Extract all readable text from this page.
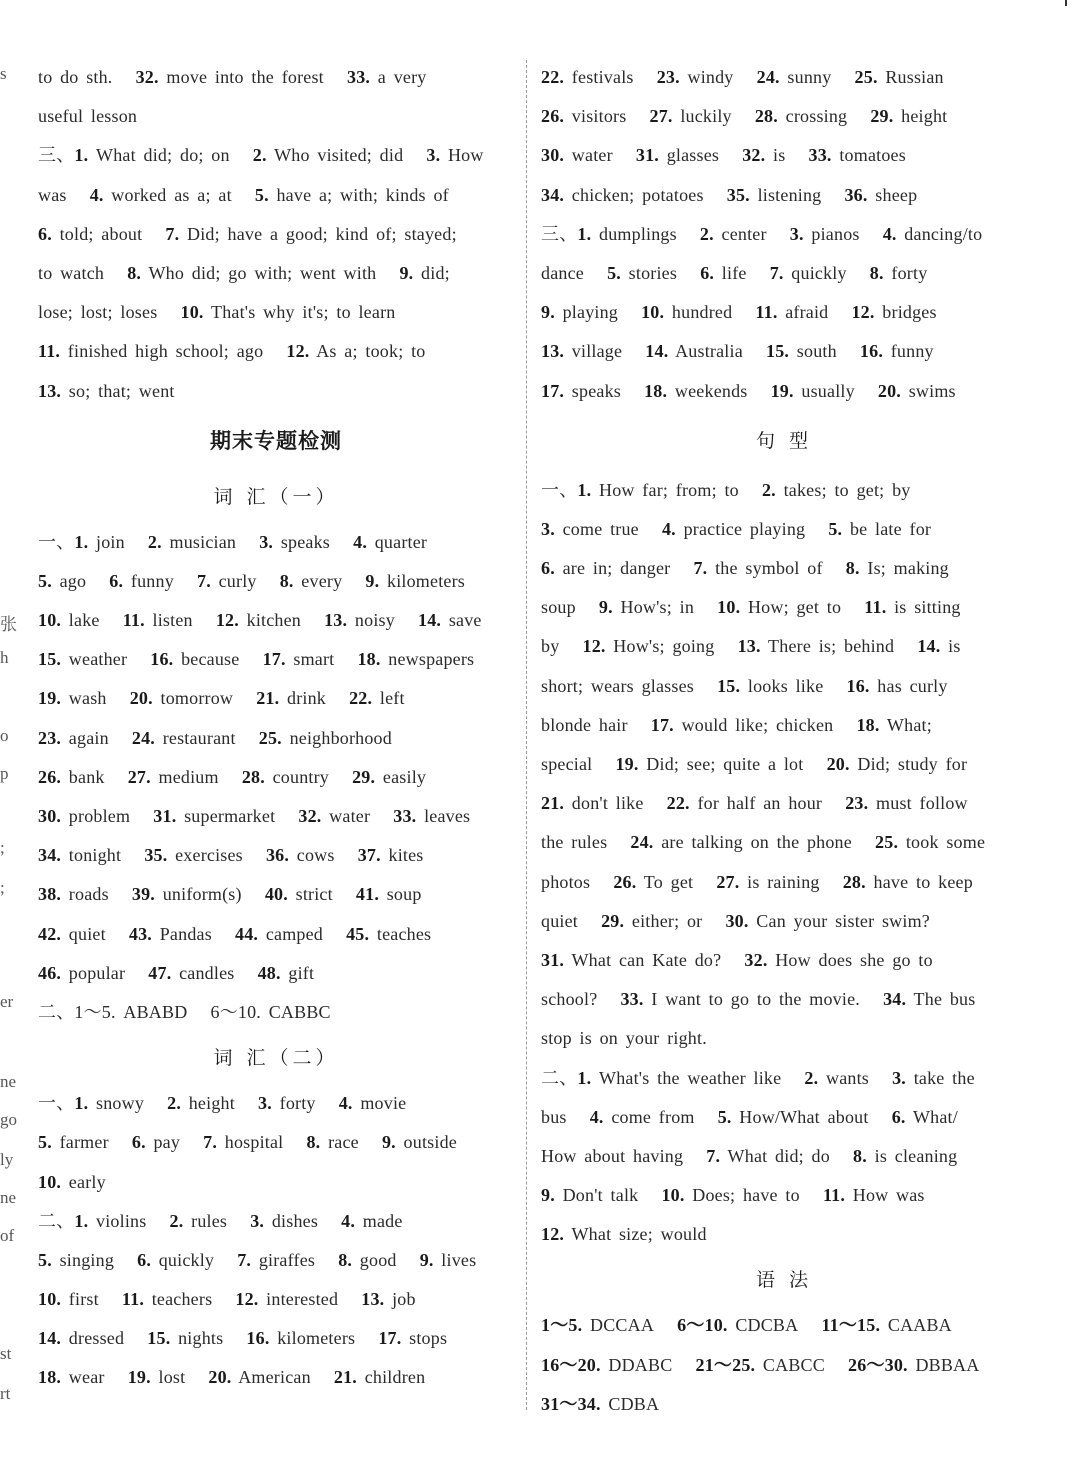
s
张
h
o
p
;
;
er
ne
go
ly
ne
of
st
rt
to do sth.   32. move into the forest   33. a very
useful lesson
三、1. What did; do; on   2. Who visited; did   3. How
was   4. worked as a; at   5. have a; with; kinds of
6. told; about   7. Did; have a good; kind of; stayed;
to watch   8. Who did; go with; went with   9. did;
lose; lost; loses   10. That's why it's; to learn
11. finished high school; ago   12. As a; took; to
13. so; that; went
期末专题检测
词 汇（一）
一、1. join   2. musician   3. speaks   4. quarter
5. ago   6. funny   7. curly   8. every   9. kilometers
10. lake   11. listen   12. kitchen   13. noisy   14. save
15. weather   16. because   17. smart   18. newspapers
19. wash   20. tomorrow   21. drink   22. left
23. again   24. restaurant   25. neighborhood
26. bank   27. medium   28. country   29. easily
30. problem   31. supermarket   32. water   33. leaves
34. tonight   35. exercises   36. cows   37. kites
38. roads   39. uniform(s)   40. strict   41. soup
42. quiet   43. Pandas   44. camped   45. teaches
46. popular   47. candles   48. gift
二、1～5. ABABD   6～10. CABBC
词 汇（二）
一、1. snowy   2. height   3. forty   4. movie
5. farmer   6. pay   7. hospital   8. race   9. outside
10. early
二、1. violins   2. rules   3. dishes   4. made
5. singing   6. quickly   7. giraffes   8. good   9. lives
10. first   11. teachers   12. interested   13. job
14. dressed   15. nights   16. kilometers   17. stops
18. wear   19. lost   20. American   21. children
22. festivals   23. windy   24. sunny   25. Russian
26. visitors   27. luckily   28. crossing   29. height
30. water   31. glasses   32. is   33. tomatoes
34. chicken; potatoes   35. listening   36. sheep
三、1. dumplings   2. center   3. pianos   4. dancing/to
dance   5. stories   6. life   7. quickly   8. forty
9. playing   10. hundred   11. afraid   12. bridges
13. village   14. Australia   15. south   16. funny
17. speaks   18. weekends   19. usually   20. swims
句 型
一、1. How far; from; to   2. takes; to get; by
3. come true   4. practice playing   5. be late for
6. are in; danger   7. the symbol of   8. Is; making
soup   9. How's; in   10. How; get to   11. is sitting
by   12. How's; going   13. There is; behind   14. is
short; wears glasses   15. looks like   16. has curly
blonde hair   17. would like; chicken   18. What;
special   19. Did; see; quite a lot   20. Did; study for
21. don't like   22. for half an hour   23. must follow
the rules   24. are talking on the phone   25. took some
photos   26. To get   27. is raining   28. have to keep
quiet   29. either; or   30. Can your sister swim?
31. What can Kate do?   32. How does she go to
school?   33. I want to go to the movie.   34. The bus
stop is on your right.
二、1. What's the weather like   2. wants   3. take the
bus   4. come from   5. How/What about   6. What/
How about having   7. What did; do   8. is cleaning
9. Don't talk   10. Does; have to   11. How was
12. What size; would
语 法
1～5. DCCAA   6～10. CDCBA   11～15. CAABA
16～20. DDABC   21～25. CABCC   26～30. DBBAA
31～34. CDBA
